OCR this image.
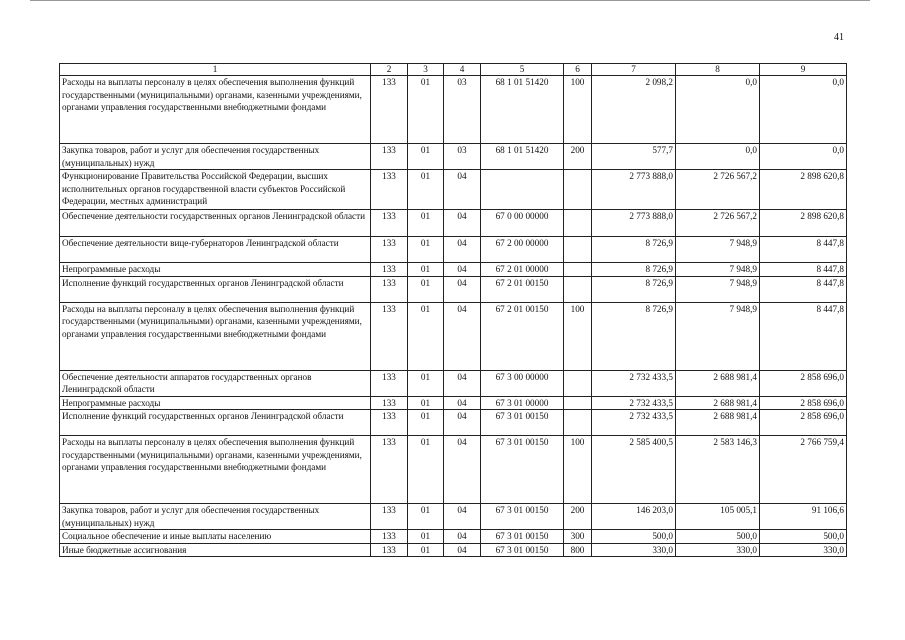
41
1	2	3	4	5	6	7	8	9
Расходы на выплаты персоналу в целях обеспечения выполнения функций государственными (муниципальными) органами, казенными учреждениями, органами управления государственными внебюджетными фондами	133	01	03	68 1 01 51420	100	2 098,2	0,0	0,0
Закупка товаров, работ и услуг для обеспечения государственных (муниципальных) нужд	133	01	03	68 1 01 51420	200	577,7	0,0	0,0
Функционирование Правительства Российской Федерации, высших исполнительных органов государственной власти субъектов Российской Федерации, местных администраций	133	01	04			2 773 888,0	2 726 567,2	2 898 620,8
Обеспечение деятельности государственных органов Ленинградской области	133	01	04	67 0 00 00000		2 773 888,0	2 726 567,2	2 898 620,8
Обеспечение деятельности вице-губернаторов Ленинградской области	133	01	04	67 2 00 00000		8 726,9	7 948,9	8 447,8
Непрограммные расходы	133	01	04	67 2 01 00000		8 726,9	7 948,9	8 447,8
Исполнение функций государственных органов Ленинградской области	133	01	04	67 2 01 00150		8 726,9	7 948,9	8 447,8
Расходы на выплаты персоналу в целях обеспечения выполнения функций государственными (муниципальными) органами, казенными учреждениями, органами управления государственными внебюджетными фондами	133	01	04	67 2 01 00150	100	8 726,9	7 948,9	8 447,8
Обеспечение деятельности аппаратов государственных органов Ленинградской области	133	01	04	67 3 00 00000		2 732 433,5	2 688 981,4	2 858 696,0
Непрограммные расходы	133	01	04	67 3 01 00000		2 732 433,5	2 688 981,4	2 858 696,0
Исполнение функций государственных органов Ленинградской области	133	01	04	67 3 01 00150		2 732 433,5	2 688 981,4	2 858 696,0
Расходы на выплаты персоналу в целях обеспечения выполнения функций государственными (муниципальными) органами, казенными учреждениями, органами управления государственными внебюджетными фондами	133	01	04	67 3 01 00150	100	2 585 400,5	2 583 146,3	2 766 759,4
Закупка товаров, работ и услуг для обеспечения государственных (муниципальных) нужд	133	01	04	67 3 01 00150	200	146 203,0	105 005,1	91 106,6
Социальное обеспечение и иные выплаты населению	133	01	04	67 3 01 00150	300	500,0	500,0	500,0
Иные бюджетные ассигнования	133	01	04	67 3 01 00150	800	330,0	330,0	330,0
